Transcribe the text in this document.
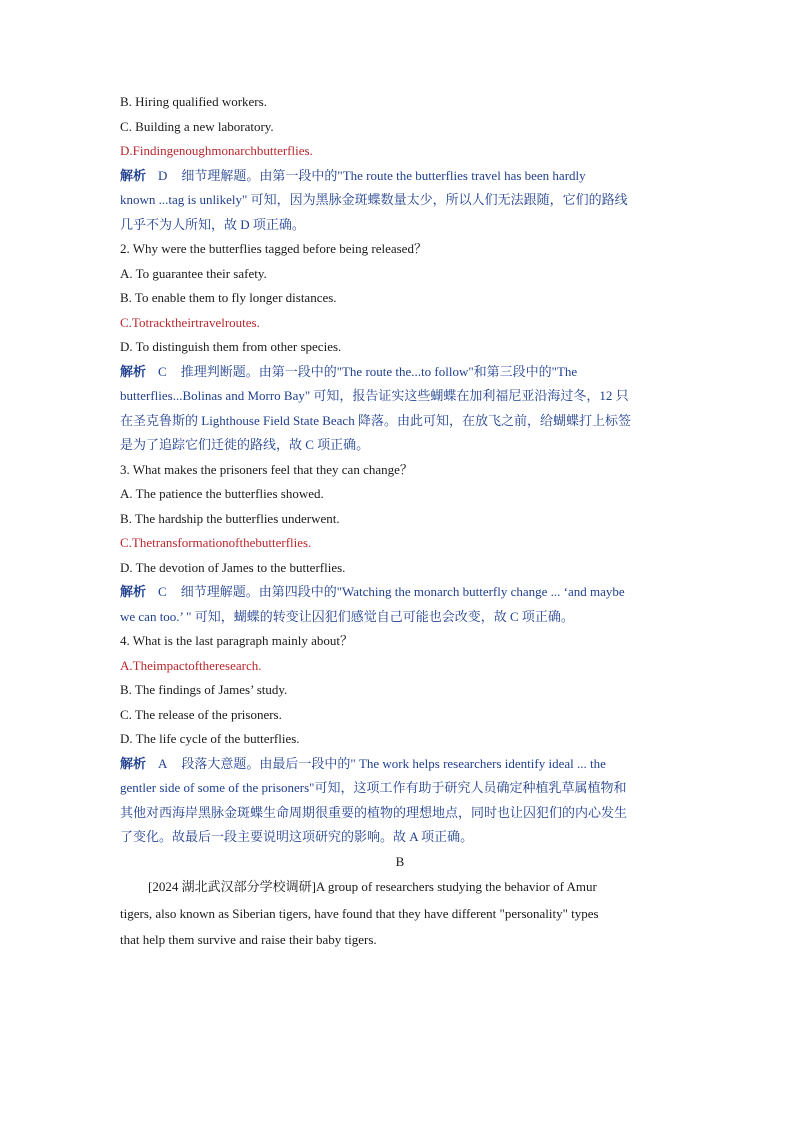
B. Hiring qualified workers.
C. Building a new laboratory.
D.Findingenoughmonarchbutterflies.
解析 D 细节理解题。由第一段中的"The route the butterflies travel has been hardly
known ...tag is unlikely" 可知，因为黑脉金斑蝶数量太少，所以人们无法跟随，它们的路线
几乎不为人所知，故 D 项正确。
2. Why were the butterflies tagged before being released？
A. To guarantee their safety.
B. To enable them to fly longer distances.
C.Totracktheirtravelroutes.
D. To distinguish them from other species.
解析 C 推理判断题。由第一段中的"The route the...to follow"和第三段中的"The
butterflies...Bolinas and Morro Bay" 可知，报告证实这些蝴蝶在加利福尼亚沿海过冬，12 只
在圣克鲁斯的 Lighthouse Field State Beach 降落。由此可知，在放飞之前，给蝴蝶打上标签
是为了追踪它们迁徙的路线，故 C 项正确。
3. What makes the prisoners feel that they can change？
A. The patience the butterflies showed.
B. The hardship the butterflies underwent.
C.Thetransformationofthebutterflies.
D. The devotion of James to the butterflies.
解析 C 细节理解题。由第四段中的"Watching the monarch butterfly change ... ‘and maybe
we can too.’ " 可知，蝴蝶的转变让囚犯们感觉自己可能也会改变，故 C 项正确。
4. What is the last paragraph mainly about？
A.Theimpactoftheresearch.
B. The findings of James’ study.
C. The release of the prisoners.
D. The life cycle of the butterflies.
解析 A 段落大意题。由最后一段中的" The work helps researchers identify ideal ... the
gentler side of some of the prisoners"可知，这项工作有助于研究人员确定种植乳草属植物和
其他对西海岸黑脉金斑蝶生命周期很重要的植物的理想地点，同时也让囚犯们的内心发生
了变化。故最后一段主要说明这项研究的影响。故 A 项正确。
B
[2024 湖北武汉部分学校调研]A group of researchers studying the behavior of Amur
tigers, also known as Siberian tigers, have found that they have different "personality" types
that help them survive and raise their baby tigers.
